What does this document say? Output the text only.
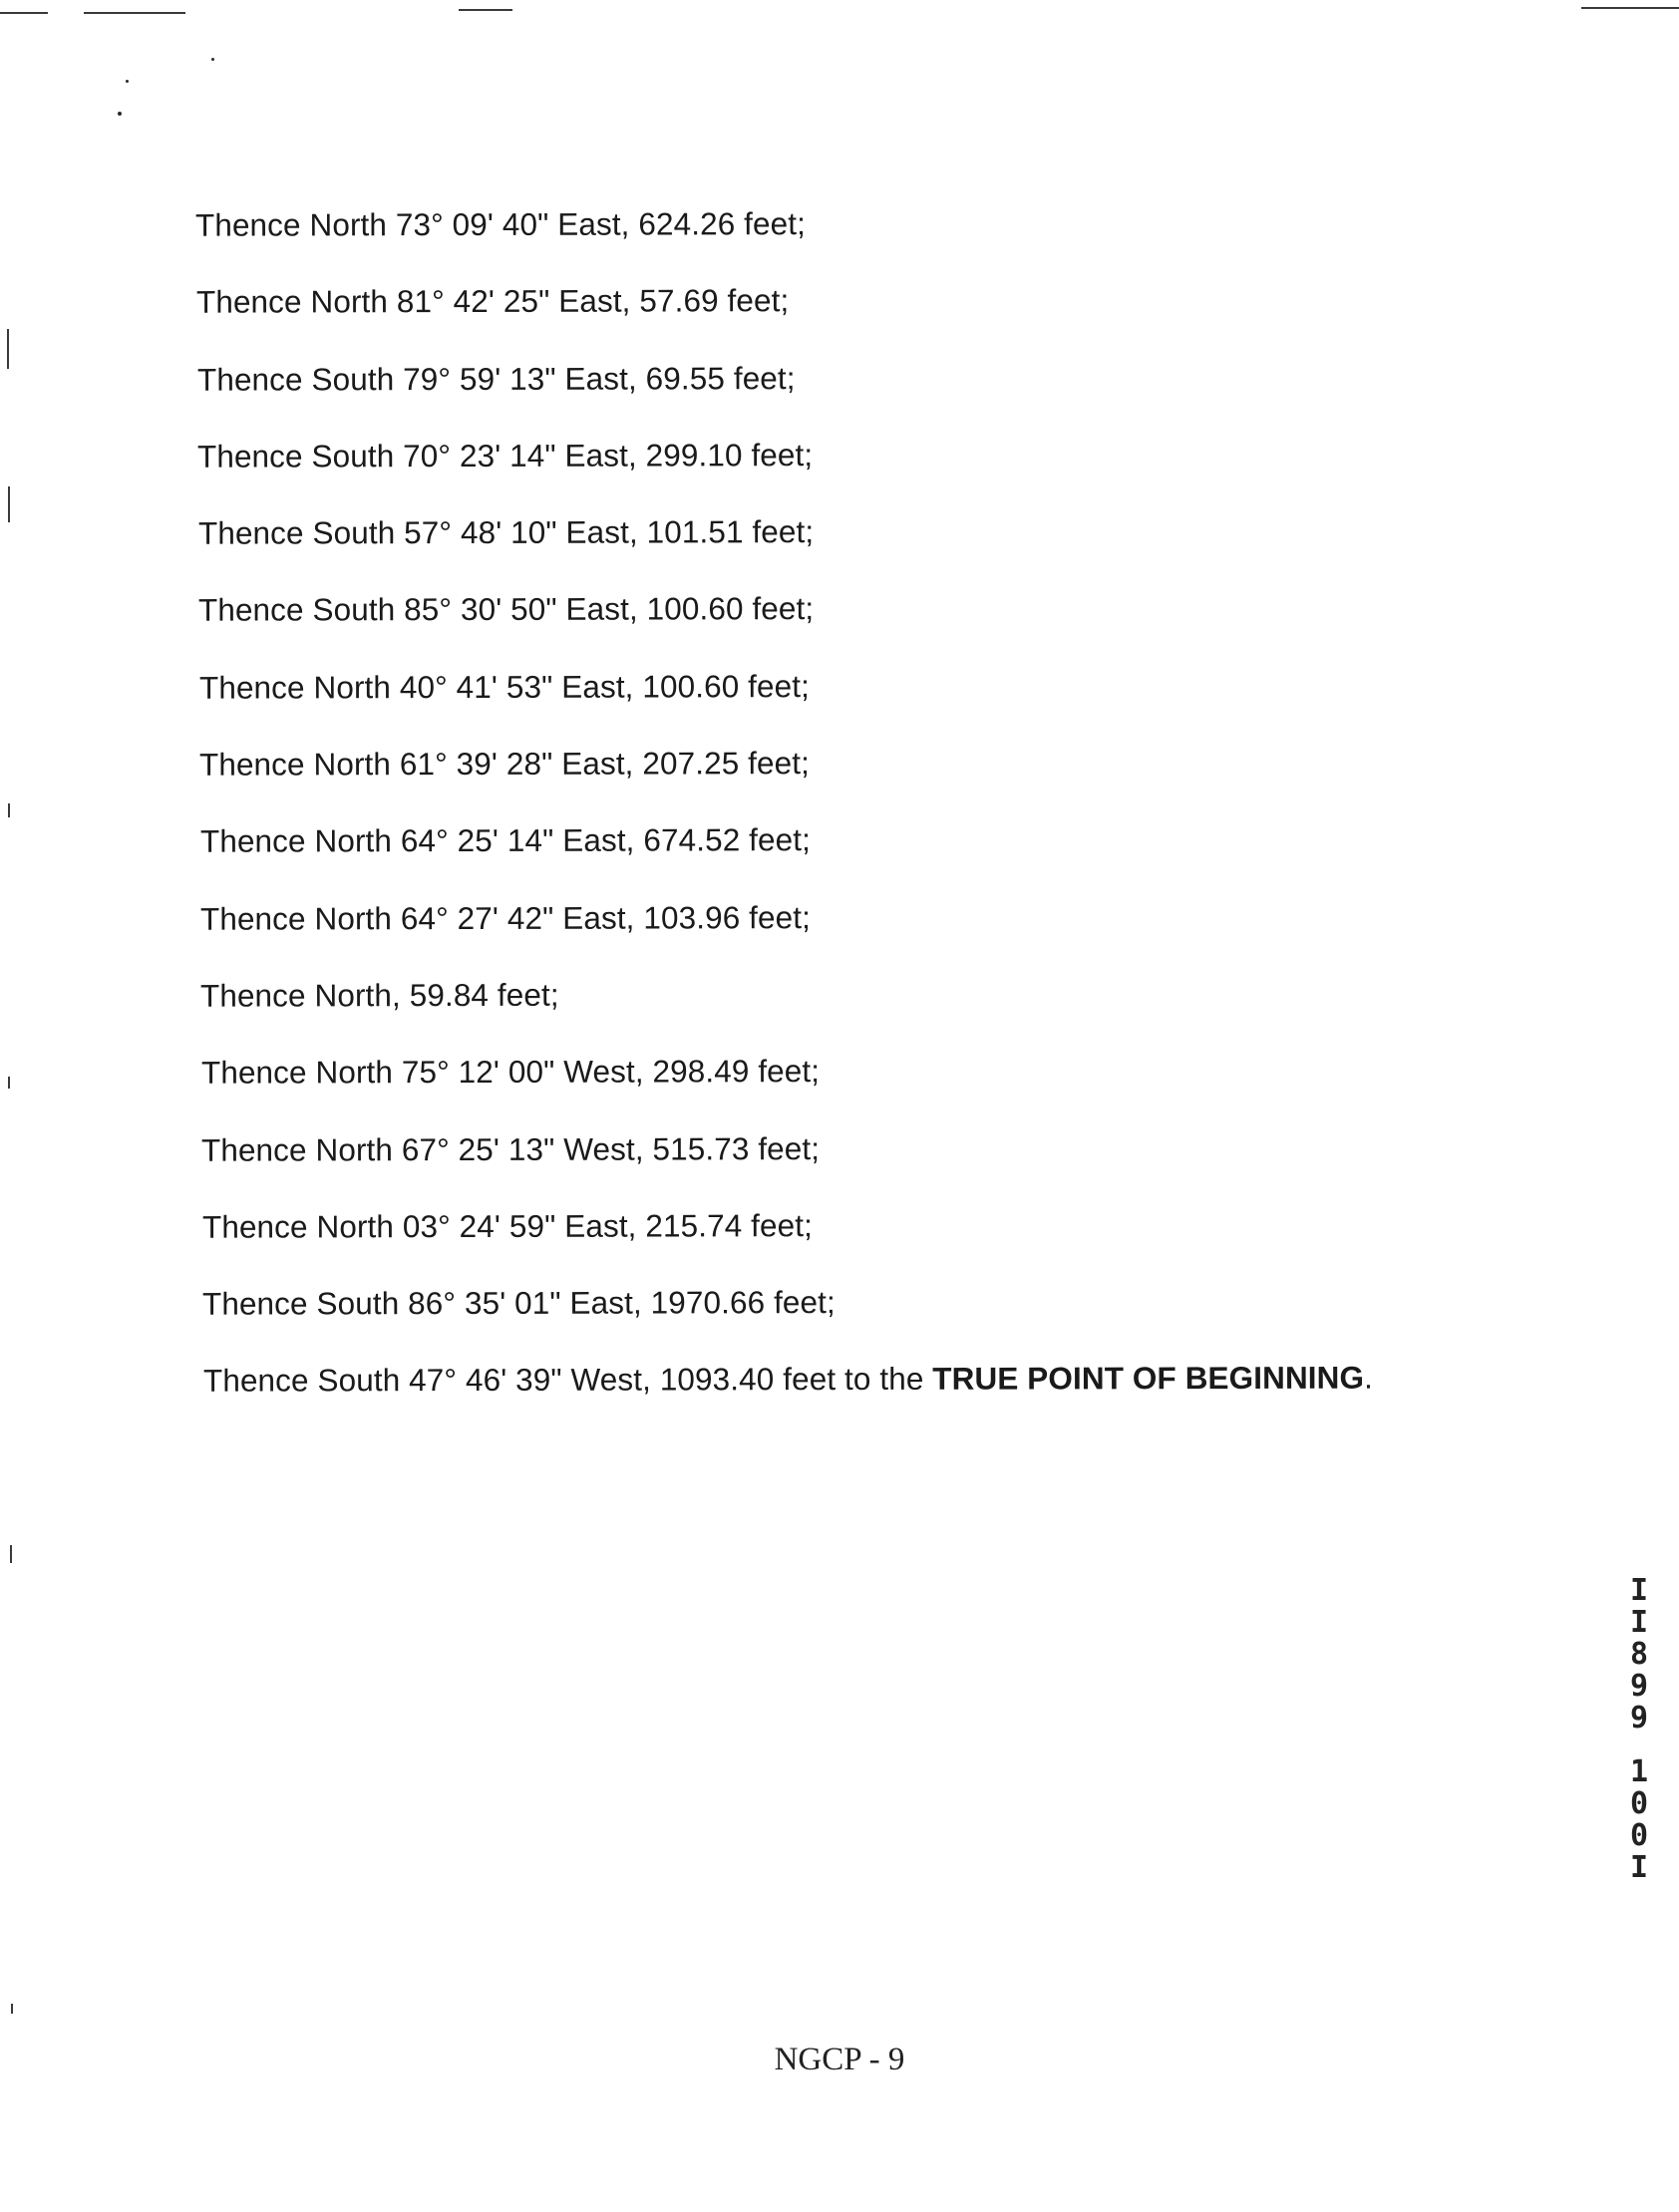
Thence North 73° 09' 40" East, 624.26 feet;
Thence North 81° 42' 25" East, 57.69 feet;
Thence South 79° 59' 13" East, 69.55 feet;
Thence South 70° 23' 14" East, 299.10 feet;
Thence South 57° 48' 10" East, 101.51 feet;
Thence South 85° 30' 50" East, 100.60 feet;
Thence North 40° 41' 53" East, 100.60 feet;
Thence North 61° 39' 28" East, 207.25 feet;
Thence North 64° 25' 14" East, 674.52 feet;
Thence North 64° 27' 42" East, 103.96 feet;
Thence North, 59.84 feet;
Thence North 75° 12' 00" West, 298.49 feet;
Thence North 67° 25' 13" West, 515.73 feet;
Thence North 03° 24' 59" East, 215.74 feet;
Thence South 86° 35' 01" East, 1970.66 feet;
Thence South 47° 46' 39" West, 1093.40 feet to the TRUE POINT OF BEGINNING.
I
I
8
9
9
1
0
0
I
NGCP - 9
